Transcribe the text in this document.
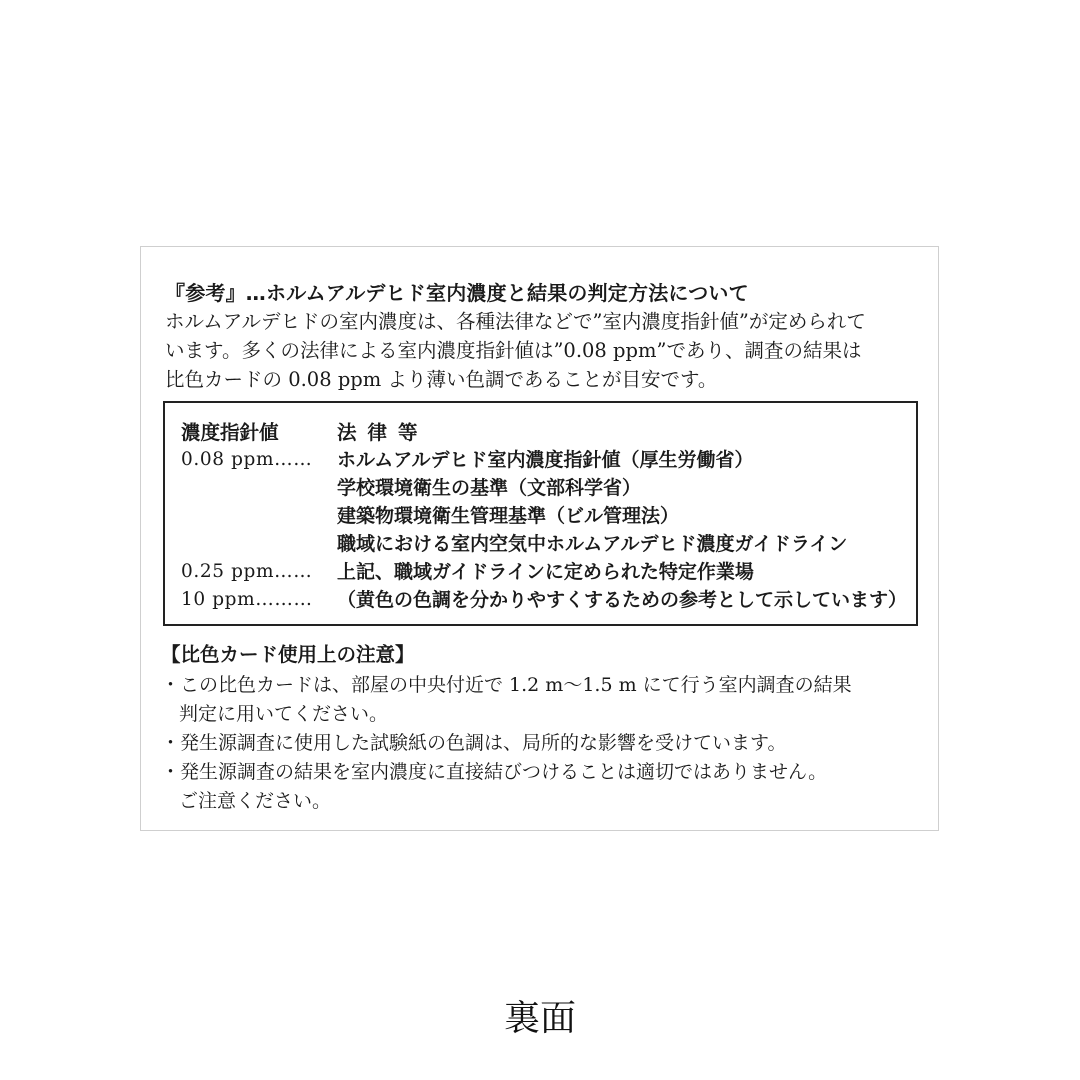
『参考』…ホルムアルデヒド室内濃度と結果の判定方法について
ホルムアルデヒドの室内濃度は、各種法律などで”室内濃度指針値”が定められて
います。多くの法律による室内濃度指針値は”0.08 ppm”であり、調査の結果は
比色カードの 0.08 ppm より薄い色調であることが目安です。
濃度指針値	法律等
0.08 ppm…… ホルムアルデヒド室内濃度指針値（厚生労働省）
学校環境衛生の基準（文部科学省）
建築物環境衛生管理基準（ビル管理法）
職域における室内空気中ホルムアルデヒド濃度ガイドライン
0.25 ppm…… 上記、職域ガイドラインに定められた特定作業場
10 ppm……… （黄色の色調を分かりやすくするための参考として示しています）
【比色カード使用上の注意】
・この比色カードは、部屋の中央付近で 1.2 m～1.5 m にて行う室内調査の結果
判定に用いてください。
・発生源調査に使用した試験紙の色調は、局所的な影響を受けています。
・発生源調査の結果を室内濃度に直接結びつけることは適切ではありません。
ご注意ください。
裏面
